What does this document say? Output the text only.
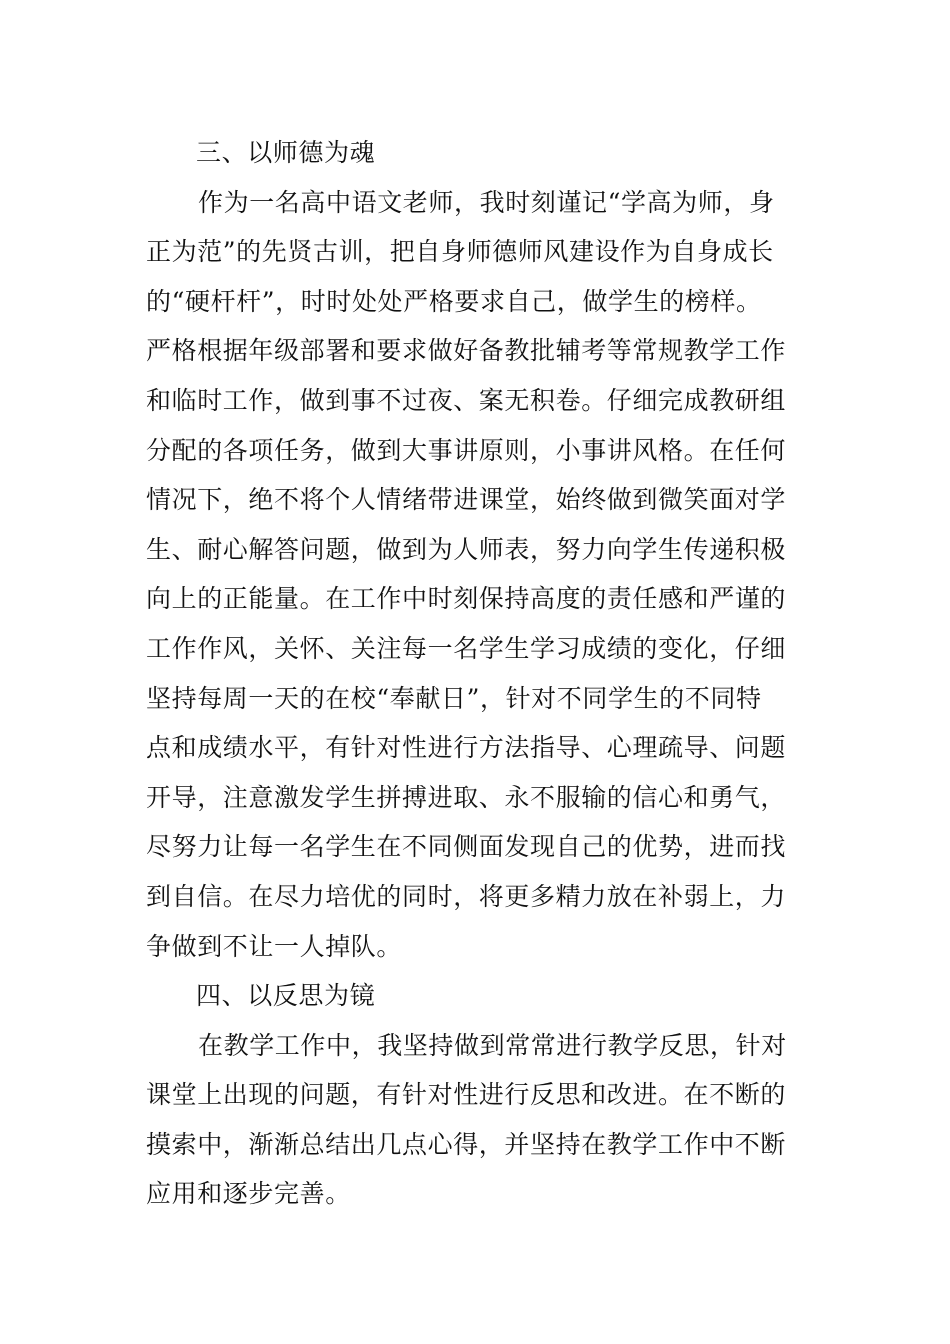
三、以师德为魂
作为一名高中语文老师，我时刻谨记“学高为师，身
正为范”的先贤古训，把自身师德师风建设作为自身成长
的“硬杆杆”，时时处处严格要求自己，做学生的榜样。
严格根据年级部署和要求做好备教批辅考等常规教学工作
和临时工作，做到事不过夜、案无积卷。仔细完成教研组
分配的各项任务，做到大事讲原则，小事讲风格。在任何
情况下，绝不将个人情绪带进课堂，始终做到微笑面对学
生、耐心解答问题，做到为人师表，努力向学生传递积极
向上的正能量。在工作中时刻保持高度的责任感和严谨的
工作作风，关怀、关注每一名学生学习成绩的变化，仔细
坚持每周一天的在校“奉献日”，针对不同学生的不同特
点和成绩水平，有针对性进行方法指导、心理疏导、问题
开导，注意激发学生拼搏进取、永不服输的信心和勇气，
尽努力让每一名学生在不同侧面发现自己的优势，进而找
到自信。在尽力培优的同时，将更多精力放在补弱上，力
争做到不让一人掉队。
四、以反思为镜
在教学工作中，我坚持做到常常进行教学反思，针对
课堂上出现的问题，有针对性进行反思和改进。在不断的
摸索中，渐渐总结出几点心得，并坚持在教学工作中不断
应用和逐步完善。
